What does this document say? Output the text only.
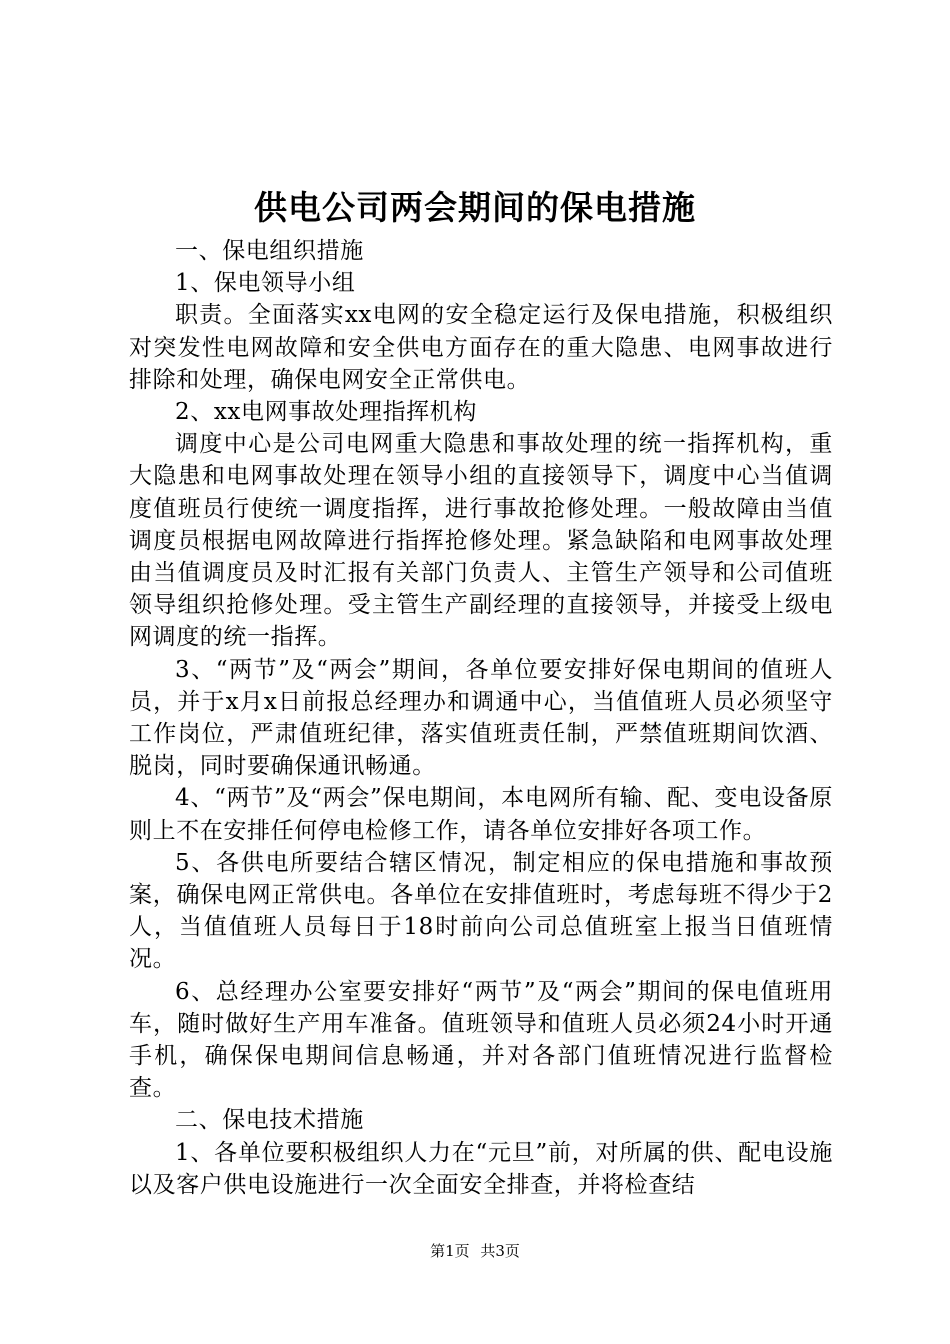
供电公司两会期间的保电措施

一、保电组织措施

1、保电领导小组

职责。全面落实xx电网的安全稳定运行及保电措施，积极组织对突发性电网故障和安全供电方面存在的重大隐患、电网事故进行排除和处理，确保电网安全正常供电。

2、xx电网事故处理指挥机构

调度中心是公司电网重大隐患和事故处理的统一指挥机构，重大隐患和电网事故处理在领导小组的直接领导下，调度中心当值调度值班员行使统一调度指挥，进行事故抢修处理。一般故障由当值调度员根据电网故障进行指挥抢修处理。紧急缺陷和电网事故处理由当值调度员及时汇报有关部门负责人、主管生产领导和公司值班领导组织抢修处理。受主管生产副经理的直接领导，并接受上级电网调度的统一指挥。

3、“两节”及“两会”期间，各单位要安排好保电期间的值班人员，并于x月x日前报总经理办和调通中心，当值值班人员必须坚守工作岗位，严肃值班纪律，落实值班责任制，严禁值班期间饮酒、脱岗，同时要确保通讯畅通。

4、“两节”及“两会”保电期间，本电网所有输、配、变电设备原则上不在安排任何停电检修工作，请各单位安排好各项工作。

5、各供电所要结合辖区情况，制定相应的保电措施和事故预案，确保电网正常供电。各单位在安排值班时，考虑每班不得少于2人，当值值班人员每日于18时前向公司总值班室上报当日值班情况。

6、总经理办公室要安排好“两节”及“两会”期间的保电值班用车，随时做好生产用车准备。值班领导和值班人员必须24小时开通手机，确保保电期间信息畅通，并对各部门值班情况进行监督检查。

二、保电技术措施

1、各单位要积极组织人力在“元旦”前，对所属的供、配电设施以及客户供电设施进行一次全面安全排查，并将检查结

第1页 共3页
